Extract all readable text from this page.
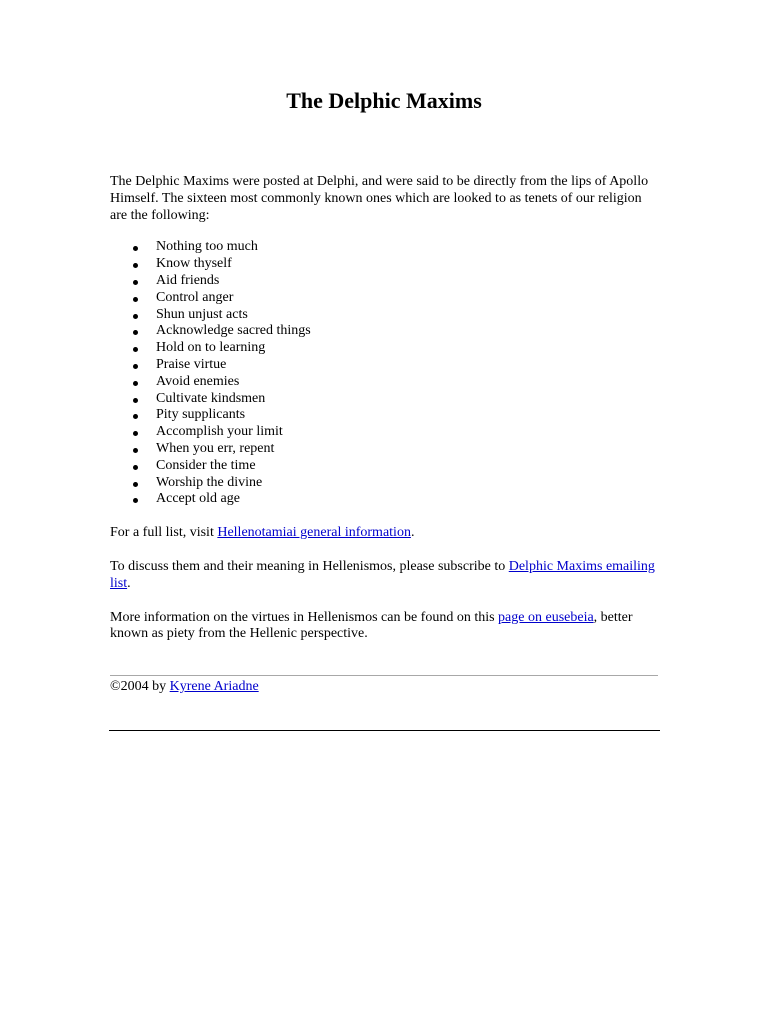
The Delphic Maxims

The Delphic Maxims were posted at Delphi, and were said to be directly from the lips of Apollo Himself. The sixteen most commonly known ones which are looked to as tenets of our religion are the following:

Nothing too much
Know thyself
Aid friends
Control anger
Shun unjust acts
Acknowledge sacred things
Hold on to learning
Praise virtue
Avoid enemies
Cultivate kindsmen
Pity supplicants
Accomplish your limit
When you err, repent
Consider the time
Worship the divine
Accept old age

For a full list, visit Hellenotamiai general information.

To discuss them and their meaning in Hellenismos, please subscribe to Delphic Maxims emailing list.

More information on the virtues in Hellenismos can be found on this page on eusebeia, better known as piety from the Hellenic perspective.

©2004 by Kyrene Ariadne
